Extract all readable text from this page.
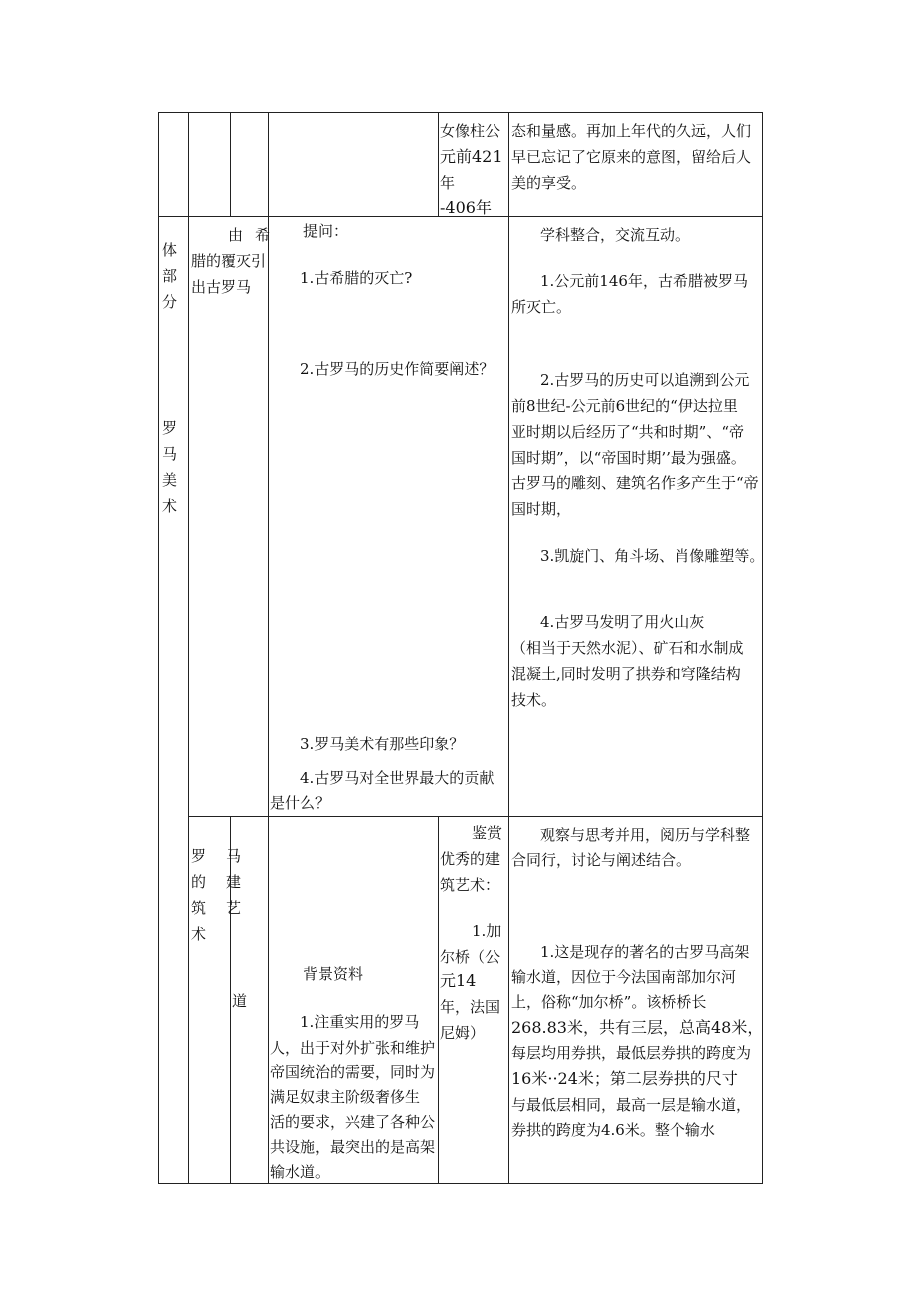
女像柱公
元前421
年
-406年
态和量感。再加上年代的久远，人们
早已忘记了它原来的意图，留给后人
美的享受。
体
部
分
罗
马
美
术
由希
腊的覆灭引
出古罗马
提问：
1.古希腊的灭亡?
2.古罗马的历史作简要阐述？
3.罗马美术有那些印象？
4.古罗马对全世界最大的贡献
是什么？
学科整合，交流互动。
1.公元前146年，古希腊被罗马
所灭亡。
2.古罗马的历史可以追溯到公元
前8世纪-公元前6世纪的“伊达拉里
亚时期以后经历了“共和时期”、“帝
国时期”，以“帝国时期’’最为强盛。
古罗马的雕刻、建筑名作多产生于“帝
国时期，
3.凯旋门、角斗场、肖像雕塑等。
4.古罗马发明了用火山灰
（相当于天然水泥）、矿石和水制成
混凝土,同时发明了拱券和穹隆结构
技术。
罗马
的建
筑艺
术
道
背景资料
1.注重实用的罗马
人，出于对外扩张和维护
帝国统治的需要，同时为
满足奴隶主阶级奢侈生
活的要求，兴建了各种公
共设施，最突出的是高架
输水道。
鉴赏
优秀的建
筑艺术：
1.加
尔桥（公
元14
年，法国
尼姆）
观察与思考并用，阅历与学科整
合同行，讨论与阐述结合。
1.这是现存的著名的古罗马高架
输水道，因位于今法国南部加尔河
上，俗称“加尔桥”。该桥桥长
268.83米，共有三层，总高48米，
每层均用券拱，最低层券拱的跨度为
16米··24米；第二层券拱的尺寸
与最低层相同，最高一层是输水道，
券拱的跨度为4.6米。整个输水
